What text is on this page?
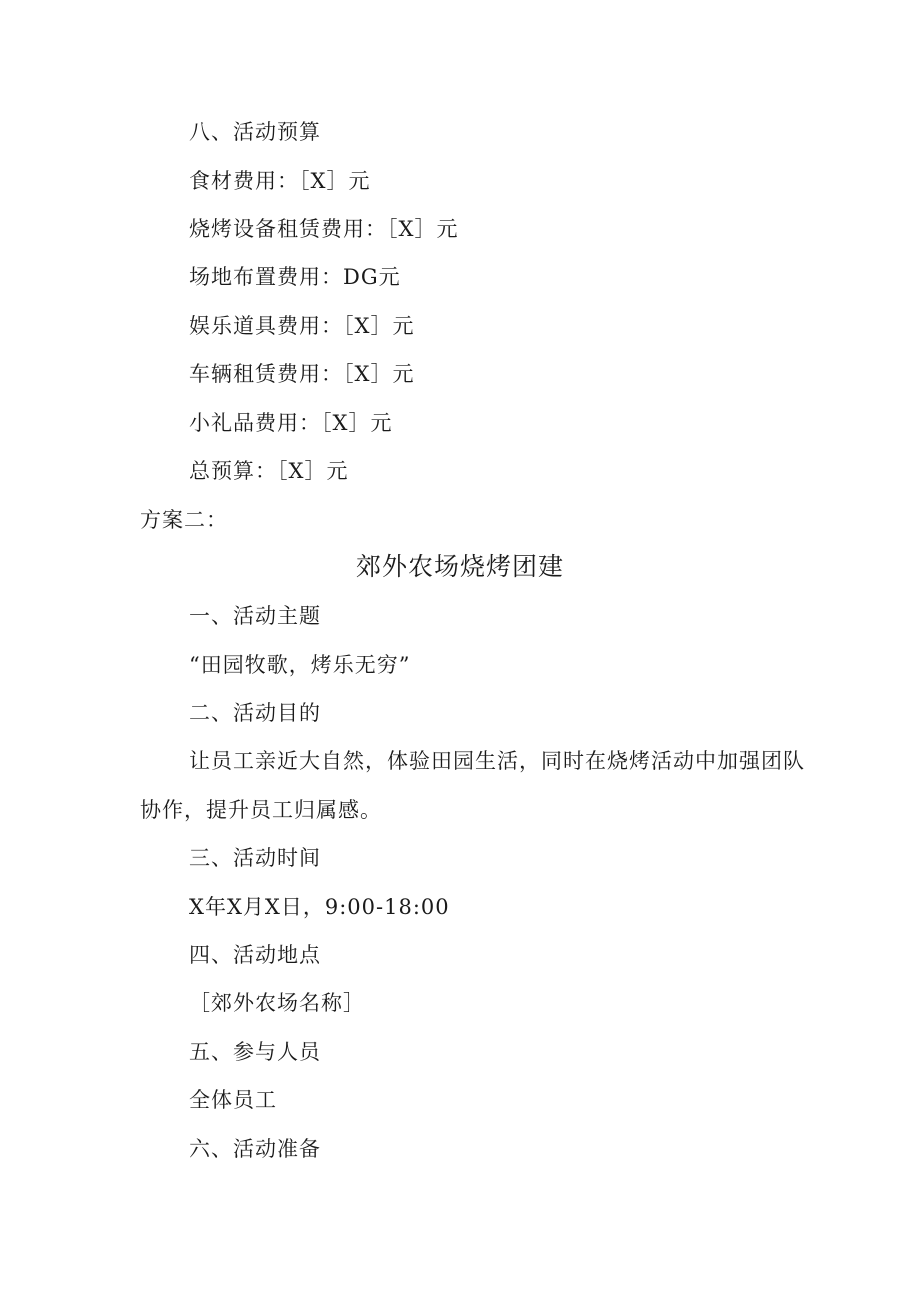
八、活动预算
食材费用：［X］元
烧烤设备租赁费用：［X］元
场地布置费用：DG元
娱乐道具费用：［X］元
车辆租赁费用：［X］元
小礼品费用：［X］元
总预算：［X］元
方案二：
郊外农场烧烤团建
一、活动主题
“田园牧歌，烤乐无穷”
二、活动目的
让员工亲近大自然，体验田园生活，同时在烧烤活动中加强团队
协作，提升员工归属感。
三、活动时间
X年X月X日，9:00-18:00
四、活动地点
［郊外农场名称］
五、参与人员
全体员工
六、活动准备
